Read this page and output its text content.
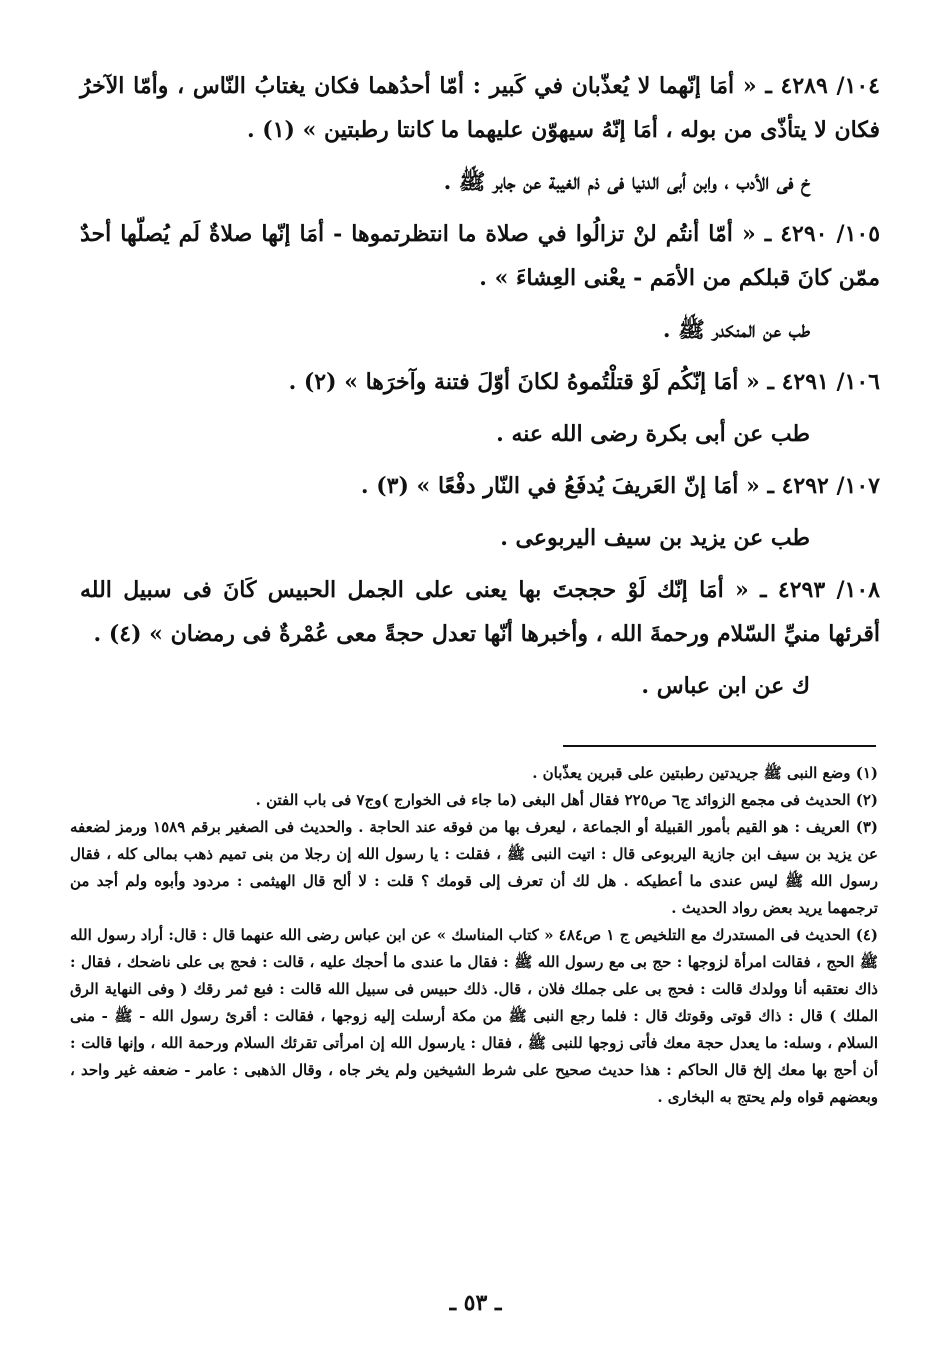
١٠٤/ ٤٢٨٩ ـ « أمَا إنّهما لا يُعذّبان في كَبير : أمّا أحدُهما فكان يغتابُ النّاس ، وأمّا الآخرُ فكان لا يتأذّى من بوله ، أمَا إنّهُ سيهوّن عليهما ما كانتا رطبتين » (١) .

خ فى الأدب ، وابن أبى الدنيا فى ذم الغيبة عن جابر ﷺ .

١٠٥/ ٤٢٩٠ ـ « أمّا أنتُم لنْ تزالُوا في صلاة ما انتظرتموها - أمَا إنّها صلاةٌ لَم يُصلّها أحدٌ ممّن كانَ قبلكم من الأمَم - يعْنى العِشاءَ » .

طب عن المنكدر ﷺ .

١٠٦/ ٤٢٩١ ـ « أمَا إنّكُم لَوْ قتلْتُموهُ لكانَ أوّلَ فتنة وآخرَها » (٢) .

طب عن أبى بكرة رضى الله عنه .

١٠٧/ ٤٢٩٢ ـ « أمَا إنّ العَريفَ يُدفَعُ في النّار دفْعًا » (٣) .

طب عن يزيد بن سيف اليربوعى .

١٠٨/ ٤٢٩٣ ـ « أمَا إنّك لَوْ حججتَ بها يعنى على الجمل الحبيس كَانَ فى سبيل الله أقرئها منيِّ السّلام ورحمةَ الله ، وأخبرها أنّها تعدل حجةً معى عُمْرةٌ فى رمضان » (٤) .

ك عن ابن عباس .

(١) وضع النبى ﷺ جريدتين رطبتين على قبرين يعذّبان .

(٢) الحديث فى مجمع الزوائد ج٦ ص٢٢٥ فقال أهل البغى (ما جاء فى الخوارج )وج٧ فى باب الفتن .

(٣) العريف : هو القيم بأمور القبيلة أو الجماعة ، ليعرف بها من فوقه عند الحاجة . والحديث فى الصغير برقم ١٥٨٩ ورمز لضعفه عن يزيد بن سيف ابن جازية اليربوعى قال : اتيت النبى ﷺ ، فقلت : يا رسول الله إن رجلا من بنى تميم ذهب بمالى كله ، فقال رسول الله ﷺ ليس عندى ما أعطيكه . هل لك أن تعرف إلى قومك ؟ قلت : لا ألح قال الهيثمى : مردود وأبوه ولم أجد من ترجمهما يريد بعض رواد الحديث .

(٤) الحديث فى المستدرك مع التلخيص ج ١ ص٤٨٤ « كتاب المناسك » عن ابن عباس رضى الله عنهما قال : قال: أراد رسول الله ﷺ الحج ، فقالت امرأة لزوجها : حج بى مع رسول الله ﷺ : فقال ما عندى ما أحجك عليه ، قالت : فحج بى على ناضحك ، فقال : ذاك نعتقبه أنا وولدك قالت : فحج بى على جملك فلان ، قال. ذلك حبيس فى سبيل الله قالت : فبع ثمر رقك ( وفى النهاية الرق الملك ) قال : ذاك قوتى وقوتك قال : فلما رجع النبى ﷺ من مكة أرسلت إليه زوجها ، فقالت : أقرئ رسول الله - ﷺ - منى السلام ، وسله: ما يعدل حجة معك فأتى زوجها للنبى ﷺ ، فقال : يارسول الله إن امرأتى تقرئك السلام ورحمة الله ، وإنها قالت : أن أحج بها معك إلخ قال الحاكم : هذا حديث صحيح على شرط الشيخين ولم يخر جاه ، وقال الذهبى : عامر - ضعفه غير واحد ، وبعضهم قواه ولم يحتج به البخارى .

ـ ٥٣ ـ
